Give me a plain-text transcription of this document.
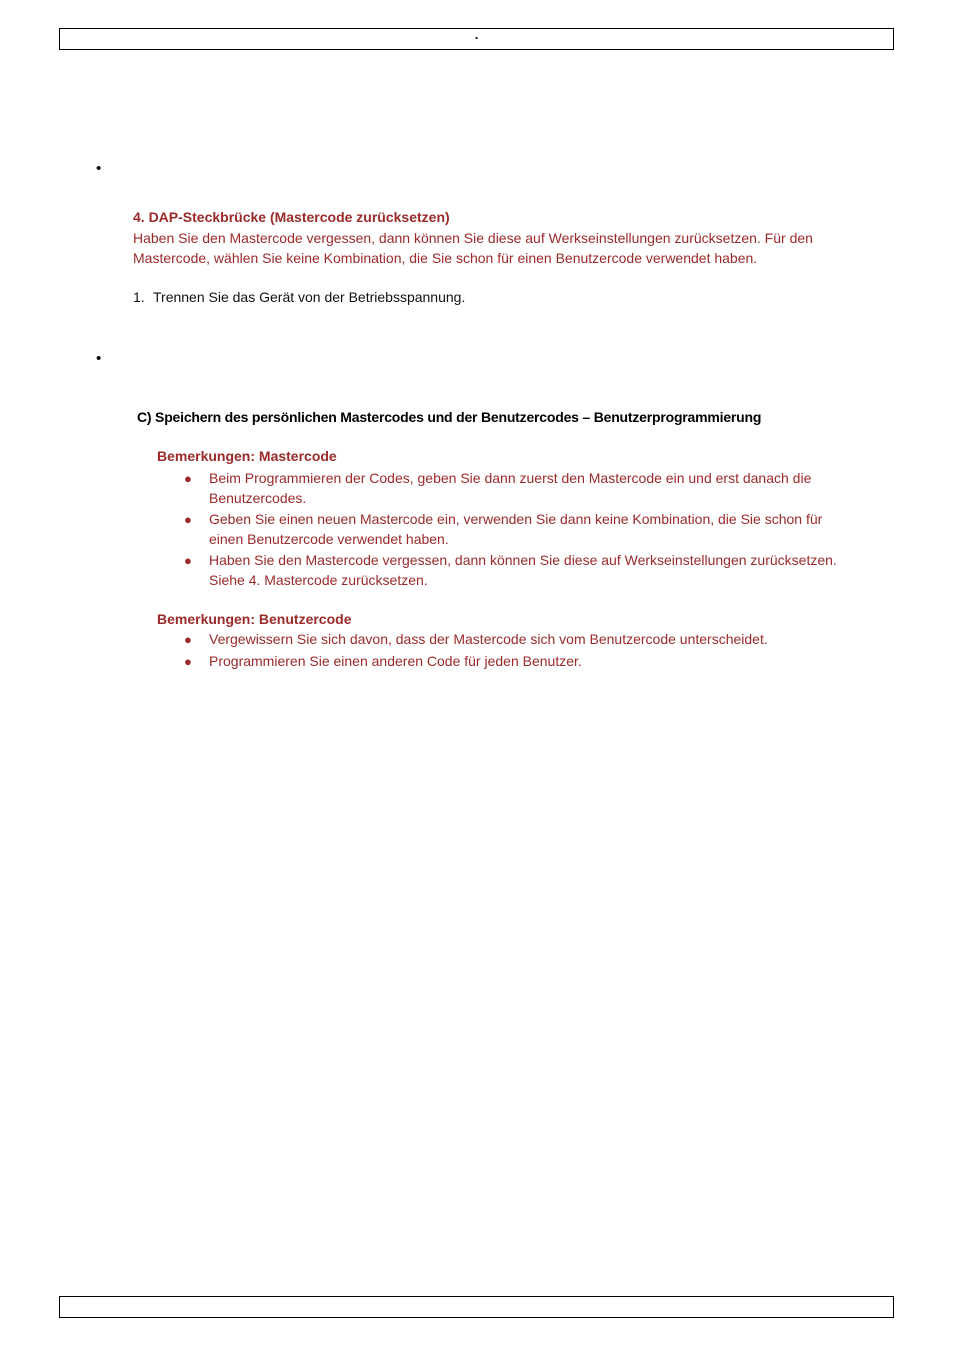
.
•
4. DAP-Steckbrücke (Mastercode zurücksetzen)
Haben Sie den Mastercode vergessen, dann können Sie diese auf Werkseinstellungen zurücksetzen. Für den Mastercode, wählen Sie keine Kombination, die Sie schon für einen Benutzercode verwendet haben.
1. Trennen Sie das Gerät von der Betriebsspannung.
•
C) Speichern des persönlichen Mastercodes und der Benutzercodes – Benutzerprogrammierung
Bemerkungen: Mastercode
● Beim Programmieren der Codes, geben Sie dann zuerst den Mastercode ein und erst danach die Benutzercodes.
● Geben Sie einen neuen Mastercode ein, verwenden Sie dann keine Kombination, die Sie schon für einen Benutzercode verwendet haben.
● Haben Sie den Mastercode vergessen, dann können Sie diese auf Werkseinstellungen zurücksetzen. Siehe 4. Mastercode zurücksetzen.
Bemerkungen: Benutzercode
● Vergewissern Sie sich davon, dass der Mastercode sich vom Benutzercode unterscheidet.
● Programmieren Sie einen anderen Code für jeden Benutzer.
